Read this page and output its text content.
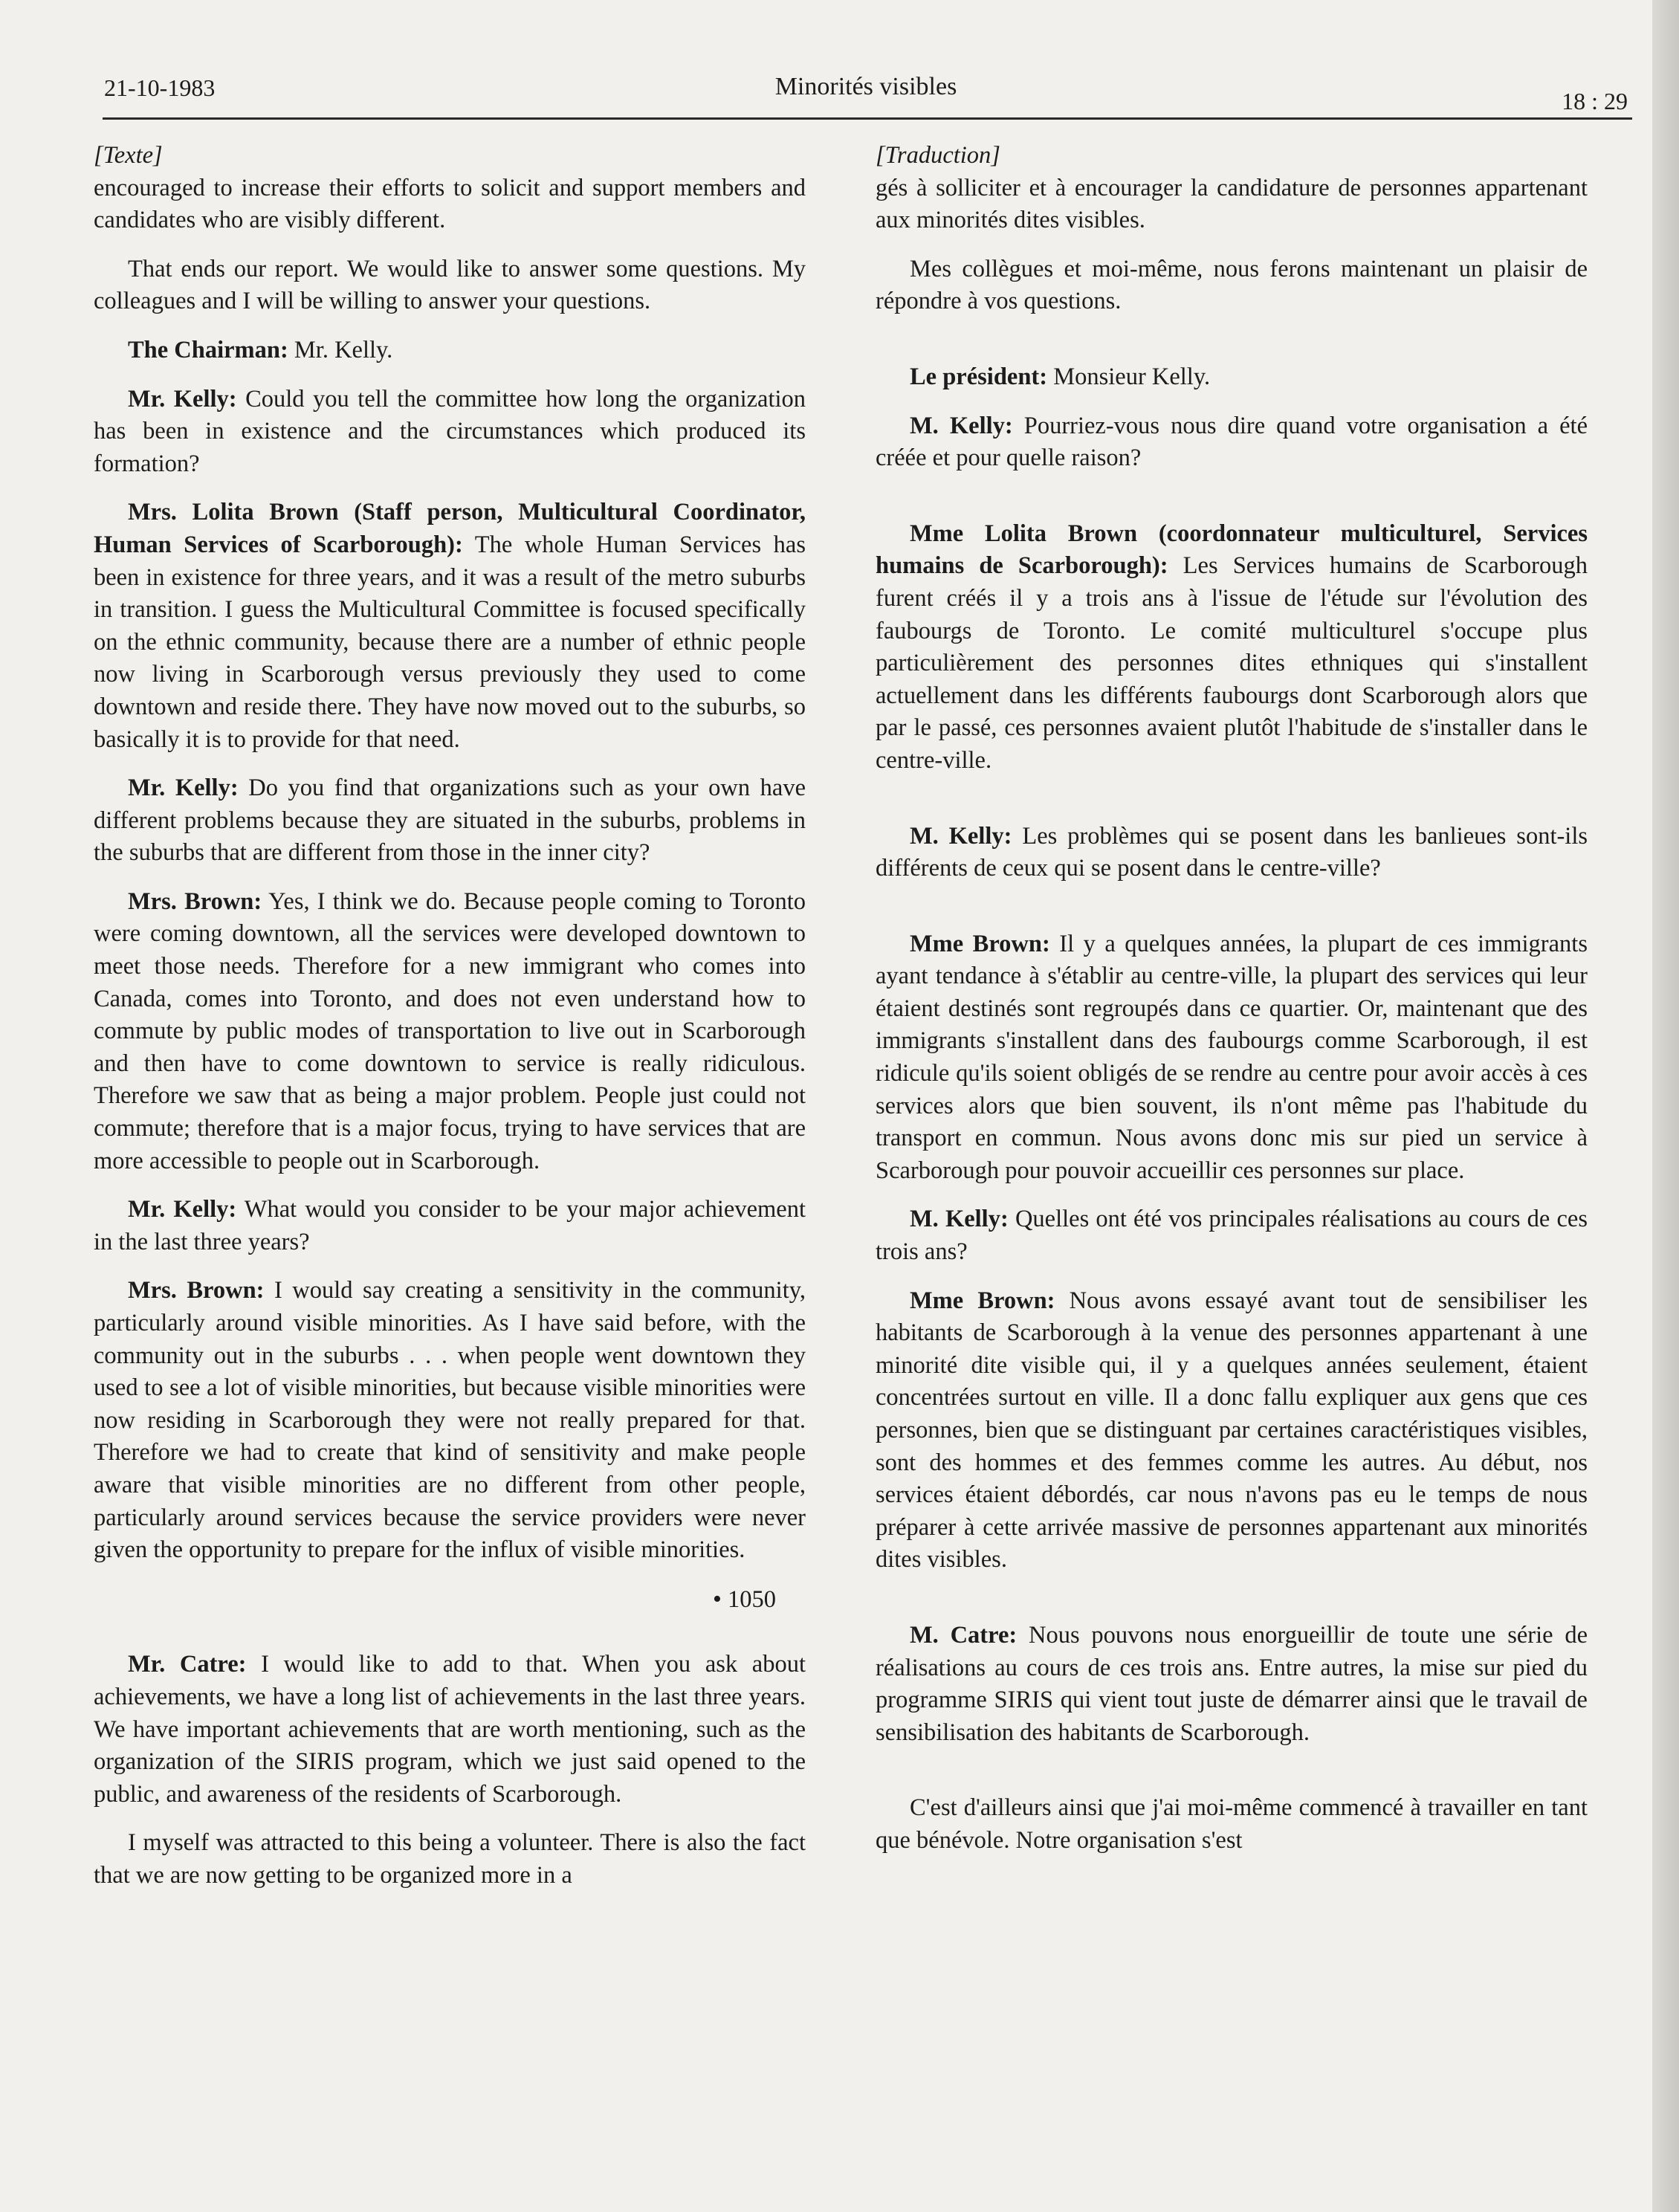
21-10-1983	Minorités visibles
18 : 29

[Texte]

encouraged to increase their efforts to solicit and support members and candidates who are visibly different.

That ends our report. We would like to answer some questions. My colleagues and I will be willing to answer your questions.

The Chairman: Mr. Kelly.

Mr. Kelly: Could you tell the committee how long the organization has been in existence and the circumstances which produced its formation?

Mrs. Lolita Brown (Staff person, Multicultural Coordinator, Human Services of Scarborough): The whole Human Services has been in existence for three years, and it was a result of the metro suburbs in transition. I guess the Multicultural Committee is focused specifically on the ethnic community, because there are a number of ethnic people now living in Scarborough versus previously they used to come downtown and reside there. They have now moved out to the suburbs, so basically it is to provide for that need.

Mr. Kelly: Do you find that organizations such as your own have different problems because they are situated in the suburbs, problems in the suburbs that are different from those in the inner city?

Mrs. Brown: Yes, I think we do. Because people coming to Toronto were coming downtown, all the services were developed downtown to meet those needs. Therefore for a new immigrant who comes into Canada, comes into Toronto, and does not even understand how to commute by public modes of transportation to live out in Scarborough and then have to come downtown to service is really ridiculous. Therefore we saw that as being a major problem. People just could not commute; therefore that is a major focus, trying to have services that are more accessible to people out in Scarborough.

Mr. Kelly: What would you consider to be your major achievement in the last three years?

Mrs. Brown: I would say creating a sensitivity in the community, particularly around visible minorities. As I have said before, with the community out in the suburbs . . . when people went downtown they used to see a lot of visible minorities, but because visible minorities were now residing in Scarborough they were not really prepared for that. Therefore we had to create that kind of sensitivity and make people aware that visible minorities are no different from other people, particularly around services because the service providers were never given the opportunity to prepare for the influx of visible minorities.

• 1050

Mr. Catre: I would like to add to that. When you ask about achievements, we have a long list of achievements in the last three years. We have important achievements that are worth mentioning, such as the organization of the SIRIS program, which we just said opened to the public, and awareness of the residents of Scarborough.

I myself was attracted to this being a volunteer. There is also the fact that we are now getting to be organized more in a

[Traduction]

gés à solliciter et à encourager la candidature de personnes appartenant aux minorités dites visibles.

Mes collègues et moi-même, nous ferons maintenant un plaisir de répondre à vos questions.

Le président: Monsieur Kelly.

M. Kelly: Pourriez-vous nous dire quand votre organisation a été créée et pour quelle raison?

Mme Lolita Brown (coordonnateur multiculturel, Services humains de Scarborough): Les Services humains de Scarborough furent créés il y a trois ans à l'issue de l'étude sur l'évolution des faubourgs de Toronto. Le comité multiculturel s'occupe plus particulièrement des personnes dites ethniques qui s'installent actuellement dans les différents faubourgs dont Scarborough alors que par le passé, ces personnes avaient plutôt l'habitude de s'installer dans le centre-ville.

M. Kelly: Les problèmes qui se posent dans les banlieues sont-ils différents de ceux qui se posent dans le centre-ville?

Mme Brown: Il y a quelques années, la plupart de ces immigrants ayant tendance à s'établir au centre-ville, la plupart des services qui leur étaient destinés sont regroupés dans ce quartier. Or, maintenant que des immigrants s'installent dans des faubourgs comme Scarborough, il est ridicule qu'ils soient obligés de se rendre au centre pour avoir accès à ces services alors que bien souvent, ils n'ont même pas l'habitude du transport en commun. Nous avons donc mis sur pied un service à Scarborough pour pouvoir accueillir ces personnes sur place.

M. Kelly: Quelles ont été vos principales réalisations au cours de ces trois ans?

Mme Brown: Nous avons essayé avant tout de sensibiliser les habitants de Scarborough à la venue des personnes appartenant à une minorité dite visible qui, il y a quelques années seulement, étaient concentrées surtout en ville. Il a donc fallu expliquer aux gens que ces personnes, bien que se distinguant par certaines caractéristiques visibles, sont des hommes et des femmes comme les autres. Au début, nos services étaient débordés, car nous n'avons pas eu le temps de nous préparer à cette arrivée massive de personnes appartenant aux minorités dites visibles.

M. Catre: Nous pouvons nous enorgueillir de toute une série de réalisations au cours de ces trois ans. Entre autres, la mise sur pied du programme SIRIS qui vient tout juste de démarrer ainsi que le travail de sensibilisation des habitants de Scarborough.

C'est d'ailleurs ainsi que j'ai moi-même commencé à travailler en tant que bénévole. Notre organisation s'est
